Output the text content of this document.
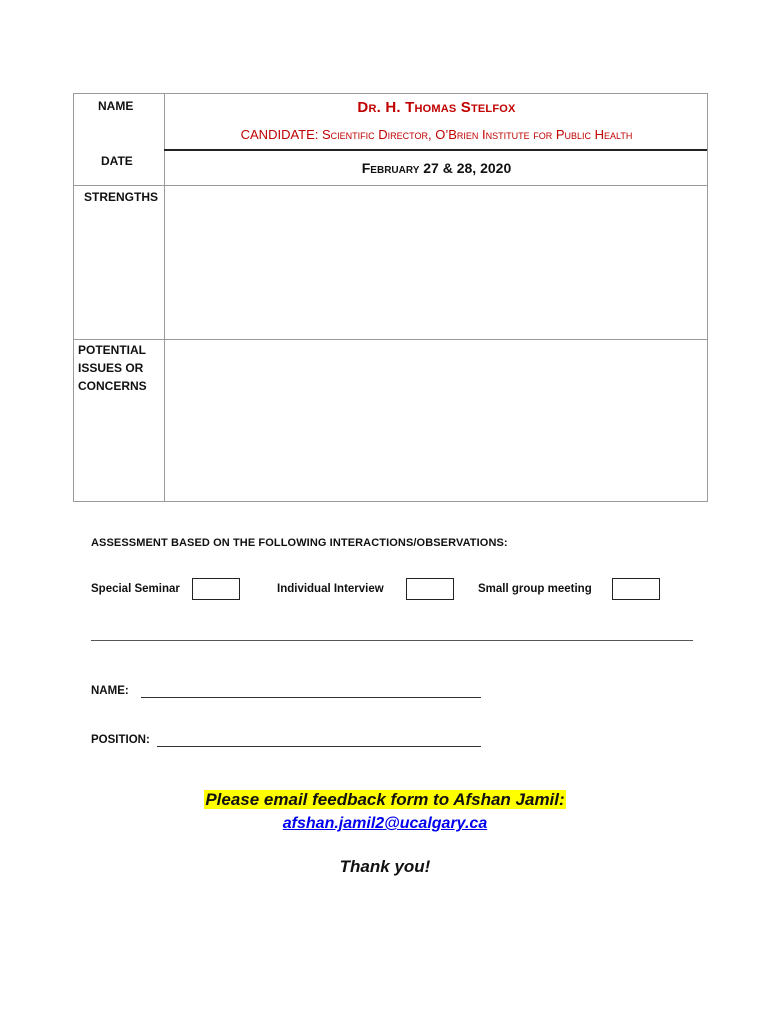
NAME
DATE
STRENGTHS
POTENTIAL ISSUES OR CONCERNS
Dr. H. Thomas Stelfox
CANDIDATE: Scientific Director, O’Brien Institute for Public Health
February 27 & 28, 2020
ASSESSMENT BASED ON THE FOLLOWING INTERACTIONS/OBSERVATIONS:
Special Seminar	Individual Interview	Small group meeting
NAME:
POSITION:
Please email feedback form to Afshan Jamil:
afshan.jamil2@ucalgary.ca
Thank you!
